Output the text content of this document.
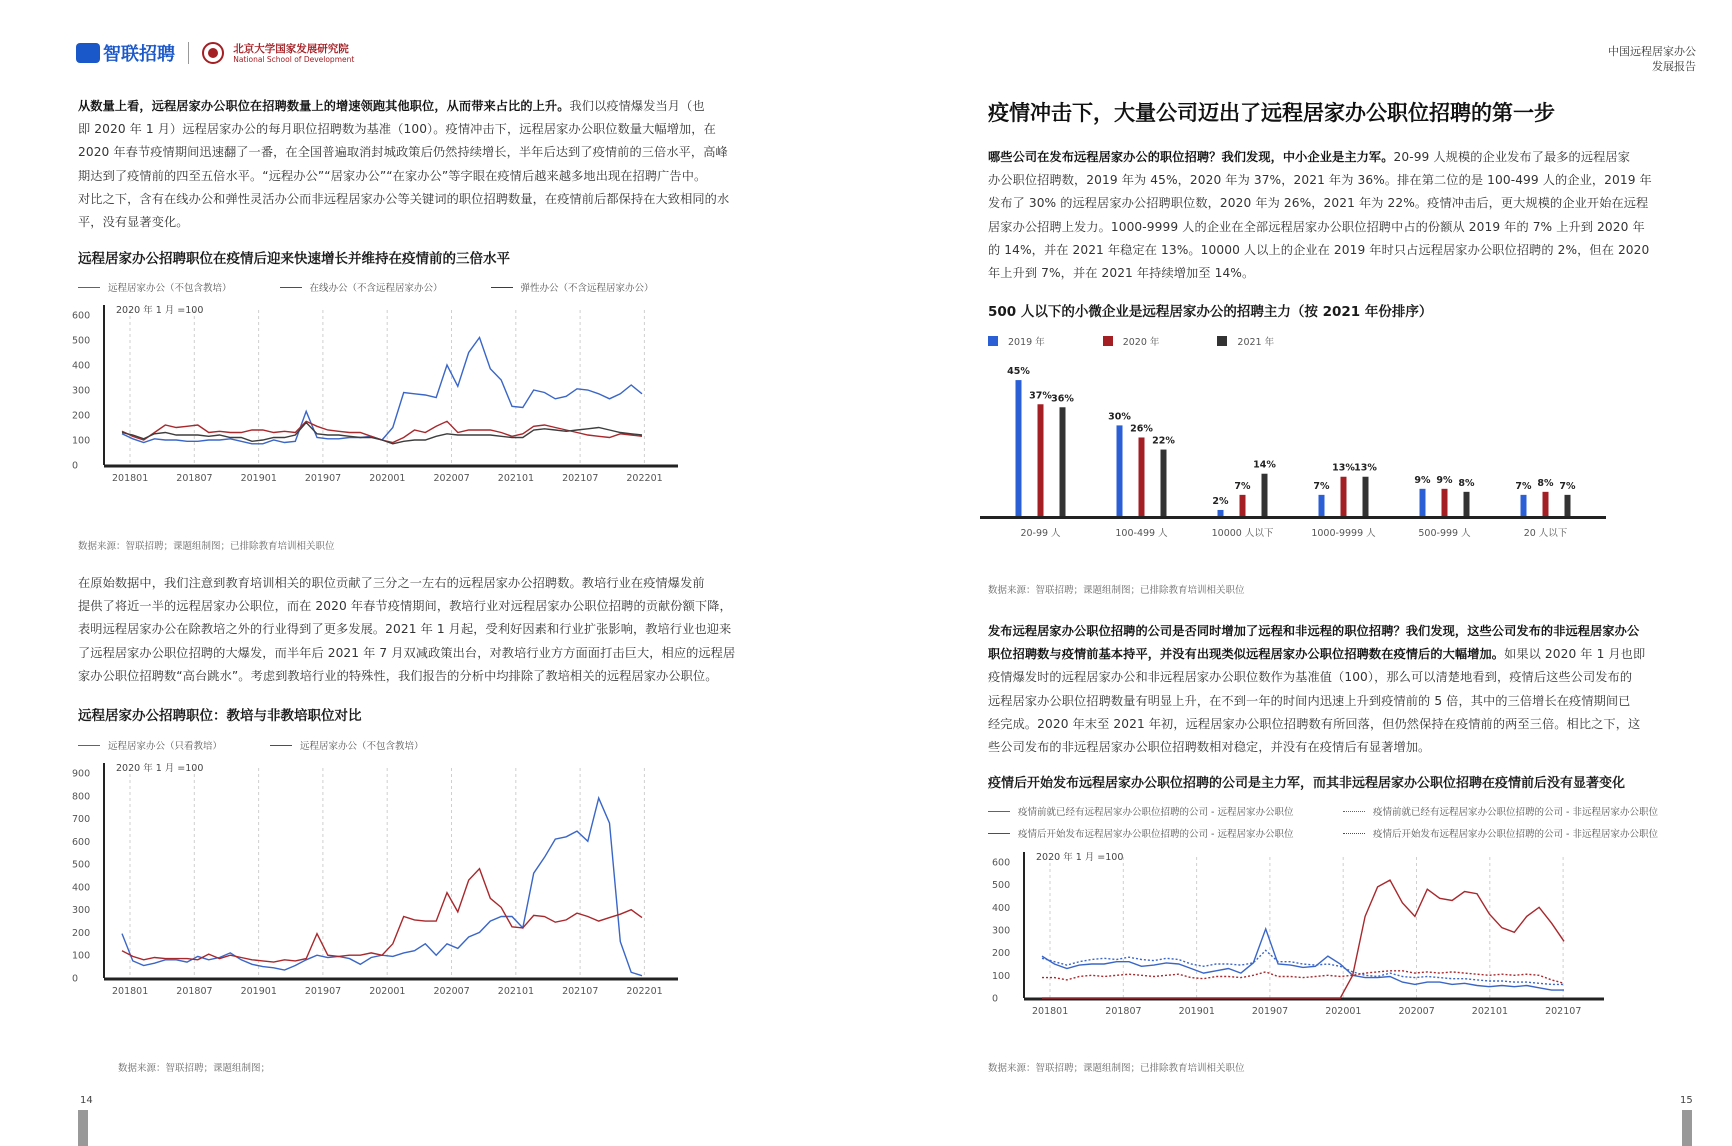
智联招聘	北京大学国家发展研究院
National School of Development
从数量上看，远程居家办公职位在招聘数量上的增速领跑其他职位，从而带来占比的上升。我们以疫情爆发当月（也
即 2020 年 1 月）远程居家办公的每月职位招聘数为基准（100）。疫情冲击下，远程居家办公职位数量大幅增加，在
2020 年春节疫情期间迅速翻了一番，在全国普遍取消封城政策后仍然持续增长，半年后达到了疫情前的三倍水平，高峰
期达到了疫情前的四至五倍水平。“远程办公”“居家办公”“在家办公”等字眼在疫情后越来越多地出现在招聘广告中。
对比之下，含有在线办公和弹性灵活办公而非远程居家办公等关键词的职位招聘数量，在疫情前后都保持在大致相同的水
平，没有显著变化。
远程居家办公招聘职位在疫情后迎来快速增长并维持在疫情前的三倍水平
远程居家办公（不包含教培）	在线办公（不含远程居家办公）	弹性办公（不含远程居家办公）
0
100
200
300
400
500
600
201801	201807	201901	201907	202001	202007	202101	202107	202201
2020 年 1 月 =100
数据来源：智联招聘；课题组制图；已排除教育培训相关职位
在原始数据中，我们注意到教育培训相关的职位贡献了三分之一左右的远程居家办公招聘数。教培行业在疫情爆发前
提供了将近一半的远程居家办公职位，而在 2020 年春节疫情期间，教培行业对远程居家办公职位招聘的贡献份额下降，
表明远程居家办公在除教培之外的行业得到了更多发展。2021 年 1 月起，受利好因素和行业扩张影响，教培行业也迎来
了远程居家办公职位招聘的大爆发，而半年后 2021 年 7 月双减政策出台，对教培行业方方面面打击巨大，相应的远程居
家办公职位招聘数“高台跳水”。考虑到教培行业的特殊性，我们报告的分析中均排除了教培相关的远程居家办公职位。
远程居家办公招聘职位：教培与非教培职位对比
远程居家办公（只看教培）	远程居家办公（不包含教培）
0
100
200
300
400
500
600
700
800
900
201801	201807	201901	201907	202001	202007	202101	202107	202201
2020 年 1 月 =100
数据来源：智联招聘；课题组制图；
14
中国远程居家办公
发展报告
疫情冲击下，大量公司迈出了远程居家办公职位招聘的第一步
哪些公司在发布远程居家办公的职位招聘？我们发现，中小企业是主力军。20-99 人规模的企业发布了最多的远程居家
办公职位招聘数，2019 年为 45%，2020 年为 37%，2021 年为 36%。排在第二位的是 100-499 人的企业，2019 年
发布了 30% 的远程居家办公招聘职位数，2020 年为 26%，2021 年为 22%。疫情冲击后，更大规模的企业开始在远程
居家办公招聘上发力。1000-9999 人的企业在全部远程居家办公职位招聘中占的份额从 2019 年的 7% 上升到 2020 年
的 14%，并在 2021 年稳定在 13%。10000 人以上的企业在 2019 年时只占远程居家办公职位招聘的 2%，但在 2020
年上升到 7%，并在 2021 年持续增加至 14%。
500 人以下的小微企业是远程居家办公的招聘主力（按 2021 年份排序）
2019 年	2020 年	2021 年
45%
37% 36%
20-99 人
30%
26%
22%
100-499 人
2%
7%
14%
10000 人以下
7%
13% 13%
1000-9999 人
9% 9% 8%
500-999 人
7% 8% 7%
20 人以下
数据来源：智联招聘；课题组制图；已排除教育培训相关职位
发布远程居家办公职位招聘的公司是否同时增加了远程和非远程的职位招聘？我们发现，这些公司发布的非远程居家办公
职位招聘数与疫情前基本持平，并没有出现类似远程居家办公职位招聘数在疫情后的大幅增加。如果以 2020 年 1 月也即
疫情爆发时的远程居家办公和非远程居家办公职位数作为基准值（100），那么可以清楚地看到，疫情后这些公司发布的
远程居家办公职位招聘数量有明显上升，在不到一年的时间内迅速上升到疫情前的 5 倍，其中的三倍增长在疫情期间已
经完成。2020 年末至 2021 年初，远程居家办公职位招聘数有所回落，但仍然保持在疫情前的两至三倍。相比之下，这
些公司发布的非远程居家办公职位招聘数相对稳定，并没有在疫情后有显著增加。
疫情后开始发布远程居家办公职位招聘的公司是主力军，而其非远程居家办公职位招聘在疫情前后没有显著变化
疫情前就已经有远程居家办公职位招聘的公司 - 远程居家办公职位	疫情前就已经有远程居家办公职位招聘的公司 - 非远程居家办公职位
疫情后开始发布远程居家办公职位招聘的公司 - 远程居家办公职位	疫情后开始发布远程居家办公职位招聘的公司 - 非远程居家办公职位
0
100
200
300
400
500
600
201801	201807	201901	201907	202001	202007	202101	202107
2020 年 1 月 =100
数据来源：智联招聘；课题组制图；已排除教育培训相关职位
15
